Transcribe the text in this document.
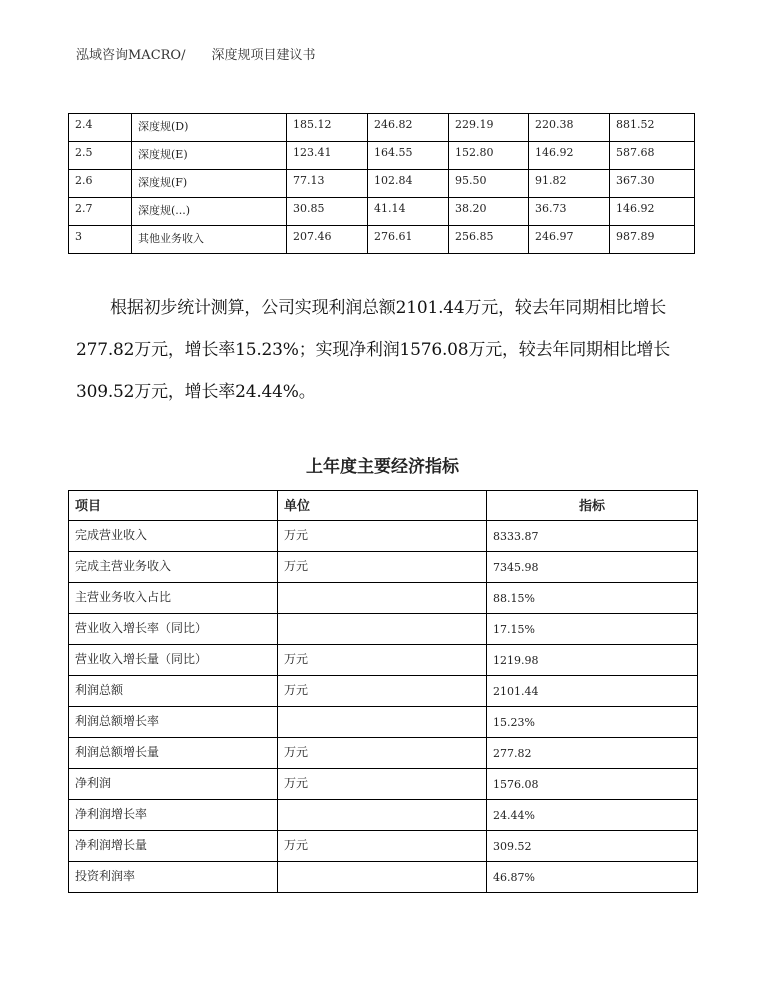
泓域咨询MACRO/ 深度规项目建议书
2.4	深度规(D)	185.12	246.82	229.19	220.38	881.52
2.5	深度规(E)	123.41	164.55	152.80	146.92	587.68
2.6	深度规(F)	77.13	102.84	95.50	91.82	367.30
2.7	深度规(...)	30.85	41.14	38.20	36.73	146.92
3	其他业务收入	207.46	276.61	256.85	246.97	987.89

根据初步统计测算，公司实现利润总额2101.44万元，较去年同期相比增长277.82万元，增长率15.23%；实现净利润1576.08万元，较去年同期相比增长309.52万元，增长率24.44%。

上年度主要经济指标
项目	单位	指标
完成营业收入	万元	8333.87
完成主营业务收入	万元	7345.98
主营业务收入占比		88.15%
营业收入增长率（同比）		17.15%
营业收入增长量（同比）	万元	1219.98
利润总额	万元	2101.44
利润总额增长率		15.23%
利润总额增长量	万元	277.82
净利润	万元	1576.08
净利润增长率		24.44%
净利润增长量	万元	309.52
投资利润率		46.87%
